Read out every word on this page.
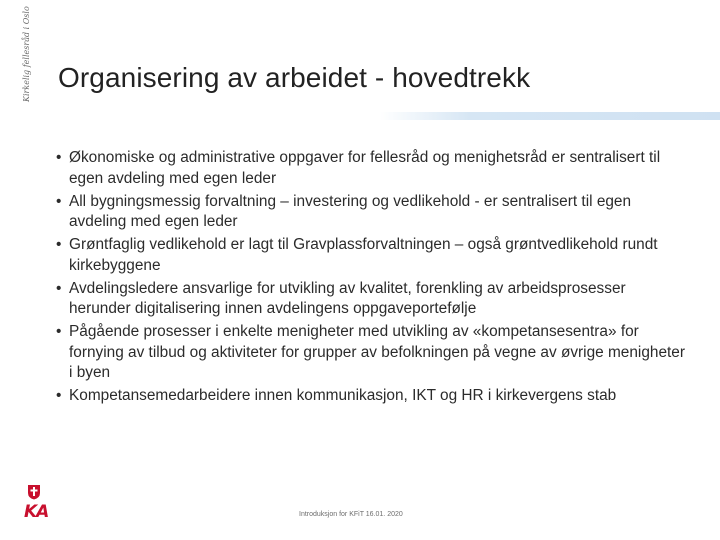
Kirkelig fellesråd i Oslo Organisering av arbeidet - hovedtrekk
• Økonomiske og administrative oppgaver for fellesråd og menighetsråd er sentralisert til egen avdeling med egen leder
• All bygningsmessig forvaltning – investering og vedlikehold - er sentralisert til egen avdeling med egen leder
• Grøntfaglig vedlikehold er lagt til Gravplassforvaltningen – også grøntvedlikehold rundt kirkebyggene
• Avdelingsledere ansvarlige for utvikling av kvalitet, forenkling av arbeidsprosesser herunder digitalisering innen avdelingens oppgaveportefølje
• Pågående prosesser i enkelte menigheter med utvikling av «kompetansesentra» for fornying av tilbud og aktiviteter for grupper av befolkningen på vegne av øvrige menigheter i byen
• Kompetansemedarbeidere innen kommunikasjon, IKT og HR i kirkevergens stab
KA	Introduksjon for KFiT 16.01. 2020
